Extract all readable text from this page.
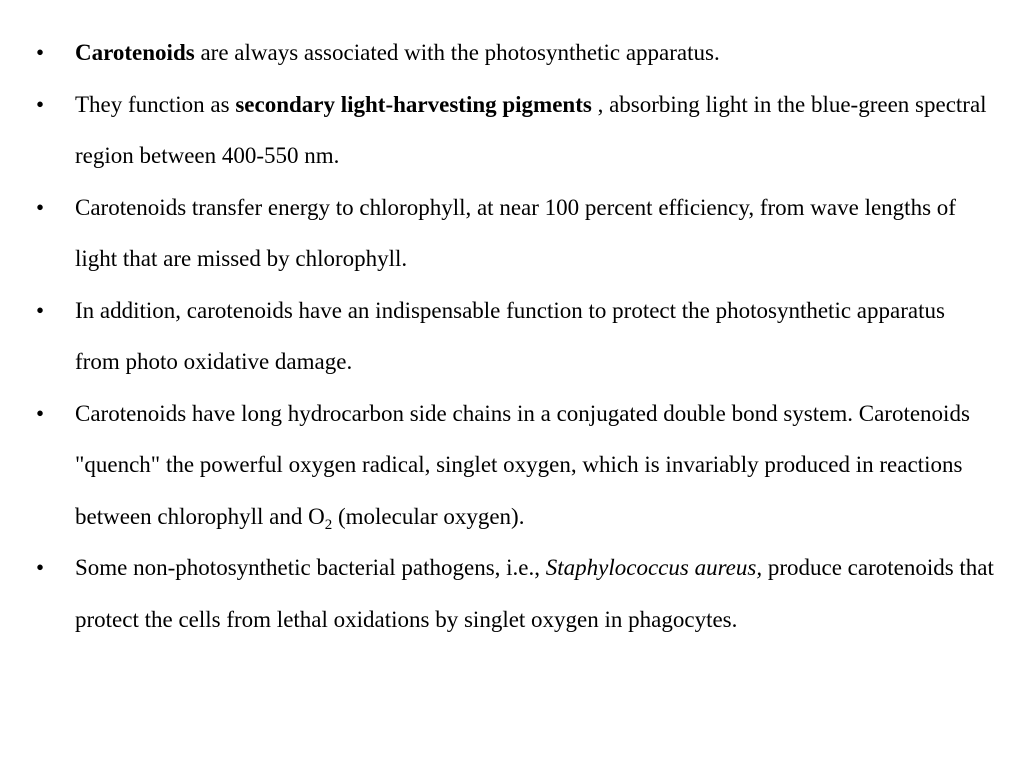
• Carotenoids are always associated with the photosynthetic apparatus.
• They function as secondary light-harvesting pigments , absorbing light in the blue-green spectral region between 400-550 nm.
• Carotenoids transfer energy to chlorophyll, at near 100 percent efficiency, from wave lengths of light that are missed by chlorophyll.
• In addition, carotenoids have an indispensable function to protect the photosynthetic apparatus from photo oxidative damage.
• Carotenoids have long hydrocarbon side chains in a conjugated double bond system. Carotenoids "quench" the powerful oxygen radical, singlet oxygen, which is invariably produced in reactions between chlorophyll and $O_2$ (molecular oxygen).
• Some non-photosynthetic bacterial pathogens, i.e., Staphylococcus aureus, produce carotenoids that protect the cells from lethal oxidations by singlet oxygen in phagocytes.
